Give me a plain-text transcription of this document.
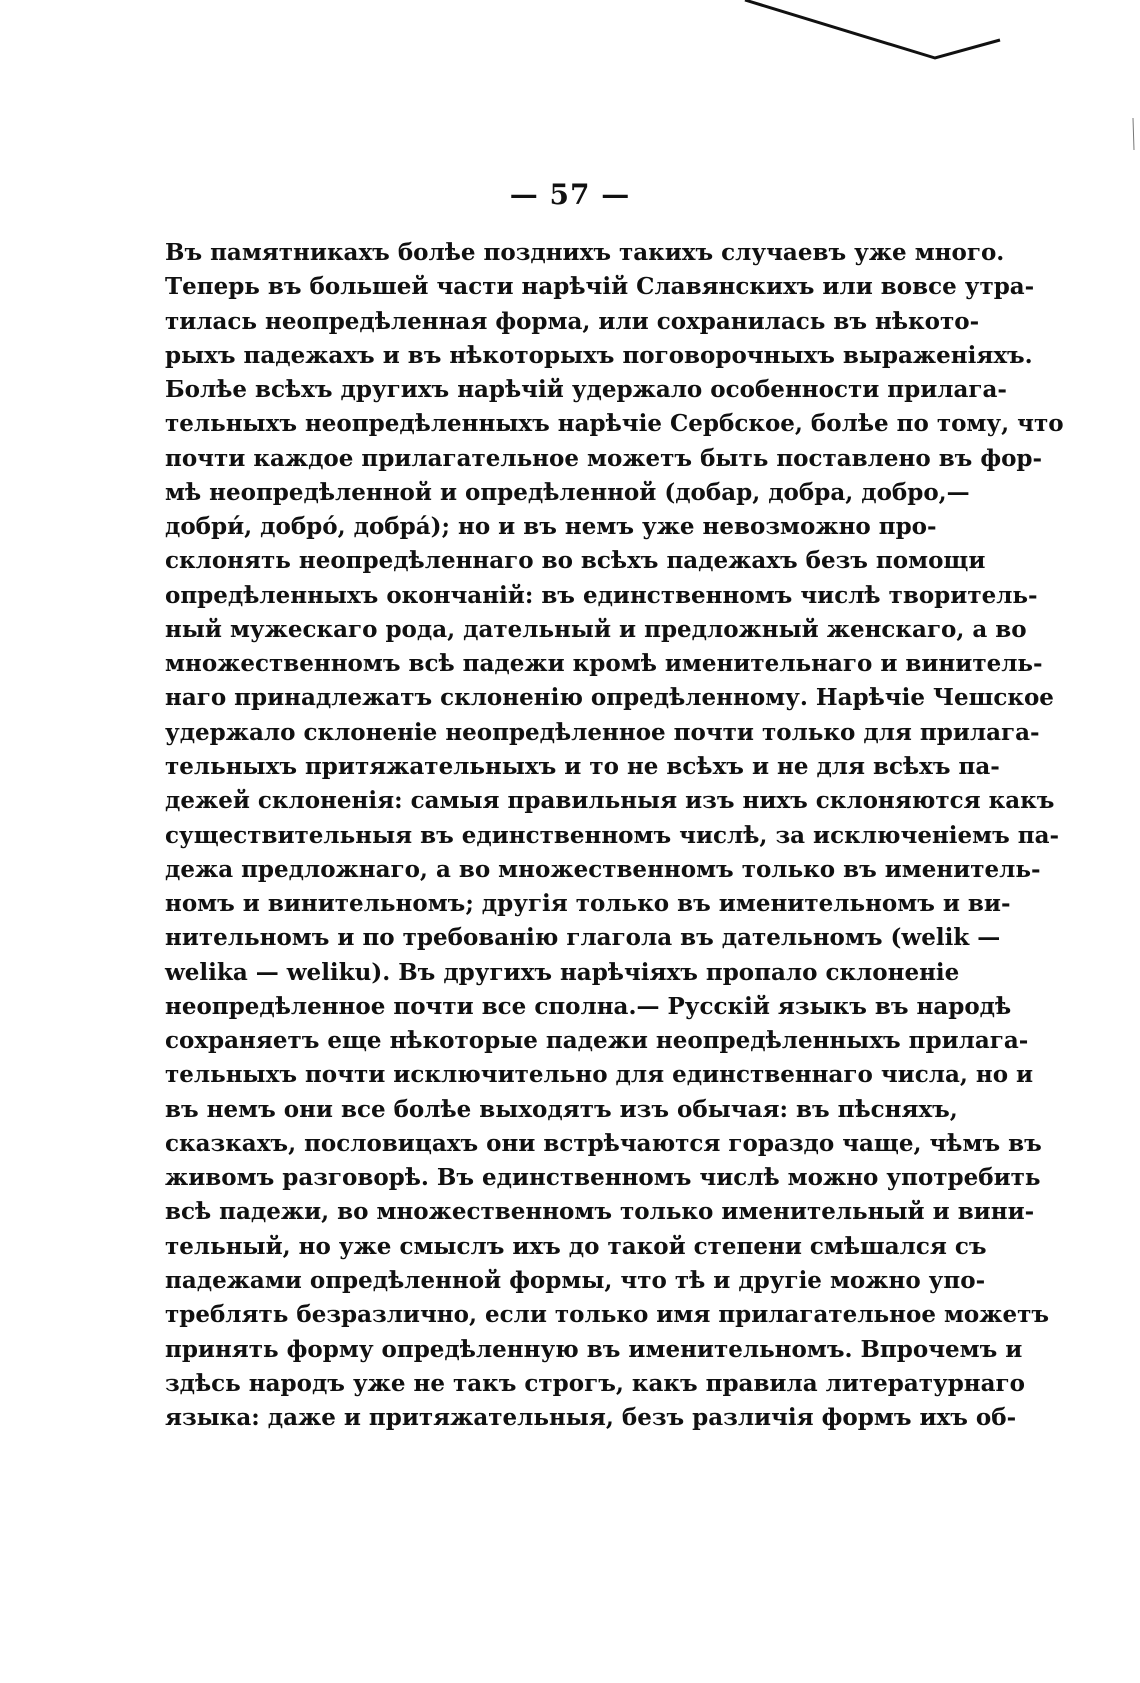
— 57 —
Въ памятникахъ болѣе позднихъ такихъ случаевъ уже много.
Теперь въ большей части нарѣчій Славянскихъ или вовсе утра-
тилась неопредѣленная форма, или сохранилась въ нѣкото-
рыхъ падежахъ и въ нѣкоторыхъ поговорочныхъ выраженіяхъ.
Болѣе всѣхъ другихъ нарѣчій удержало особенности прилага-
тельныхъ неопредѣленныхъ нарѣчіе Сербское, болѣе по тому, что
почти каждое прилагательное можетъ быть поставлено въ фор-
мѣ неопредѣленной и опредѣленной (добар, добра, добро,—
добри́, добро́, добра́); но и въ немъ уже невозможно про-
склонять неопредѣленнаго во всѣхъ падежахъ безъ помощи
опредѣленныхъ окончаній: въ единственномъ числѣ творитель-
ный мужескаго рода, дательный и предложный женскаго, а во
множественномъ всѣ падежи кромѣ именительнаго и винитель-
наго принадлежатъ склоненію опредѣленному. Нарѣчіе Чешское
удержало склоненіе неопредѣленное почти только для прилага-
тельныхъ притяжательныхъ и то не всѣхъ и не для всѣхъ па-
дежей склоненія: самыя правильныя изъ нихъ склоняются какъ
существительныя въ единственномъ числѣ, за исключеніемъ па-
дежа предложнаго, а во множественномъ только въ именитель-
номъ и винительномъ; другія только въ именительномъ и ви-
нительномъ и по требованію глагола въ дательномъ (welik —
welika — weliku). Въ другихъ нарѣчіяхъ пропало склоненіе
неопредѣленное почти все сполна.— Русскій языкъ въ народѣ
сохраняетъ еще нѣкоторые падежи неопредѣленныхъ прилага-
тельныхъ почти исключительно для единственнаго числа, но и
въ немъ они все болѣе выходятъ изъ обычая: въ пѣсняхъ,
сказкахъ, пословицахъ они встрѣчаются гораздо чаще, чѣмъ въ
живомъ разговорѣ. Въ единственномъ числѣ можно употребить
всѣ падежи, во множественномъ только именительный и вини-
тельный, но уже смыслъ ихъ до такой степени смѣшался съ
падежами опредѣленной формы, что тѣ и другіе можно упо-
треблять безразлично, если только имя прилагательное можетъ
принять форму опредѣленную въ именительномъ. Впрочемъ и
здѣсь народъ уже не такъ строгъ, какъ правила литературнаго
языка: даже и притяжательныя, безъ различія формъ ихъ об-
